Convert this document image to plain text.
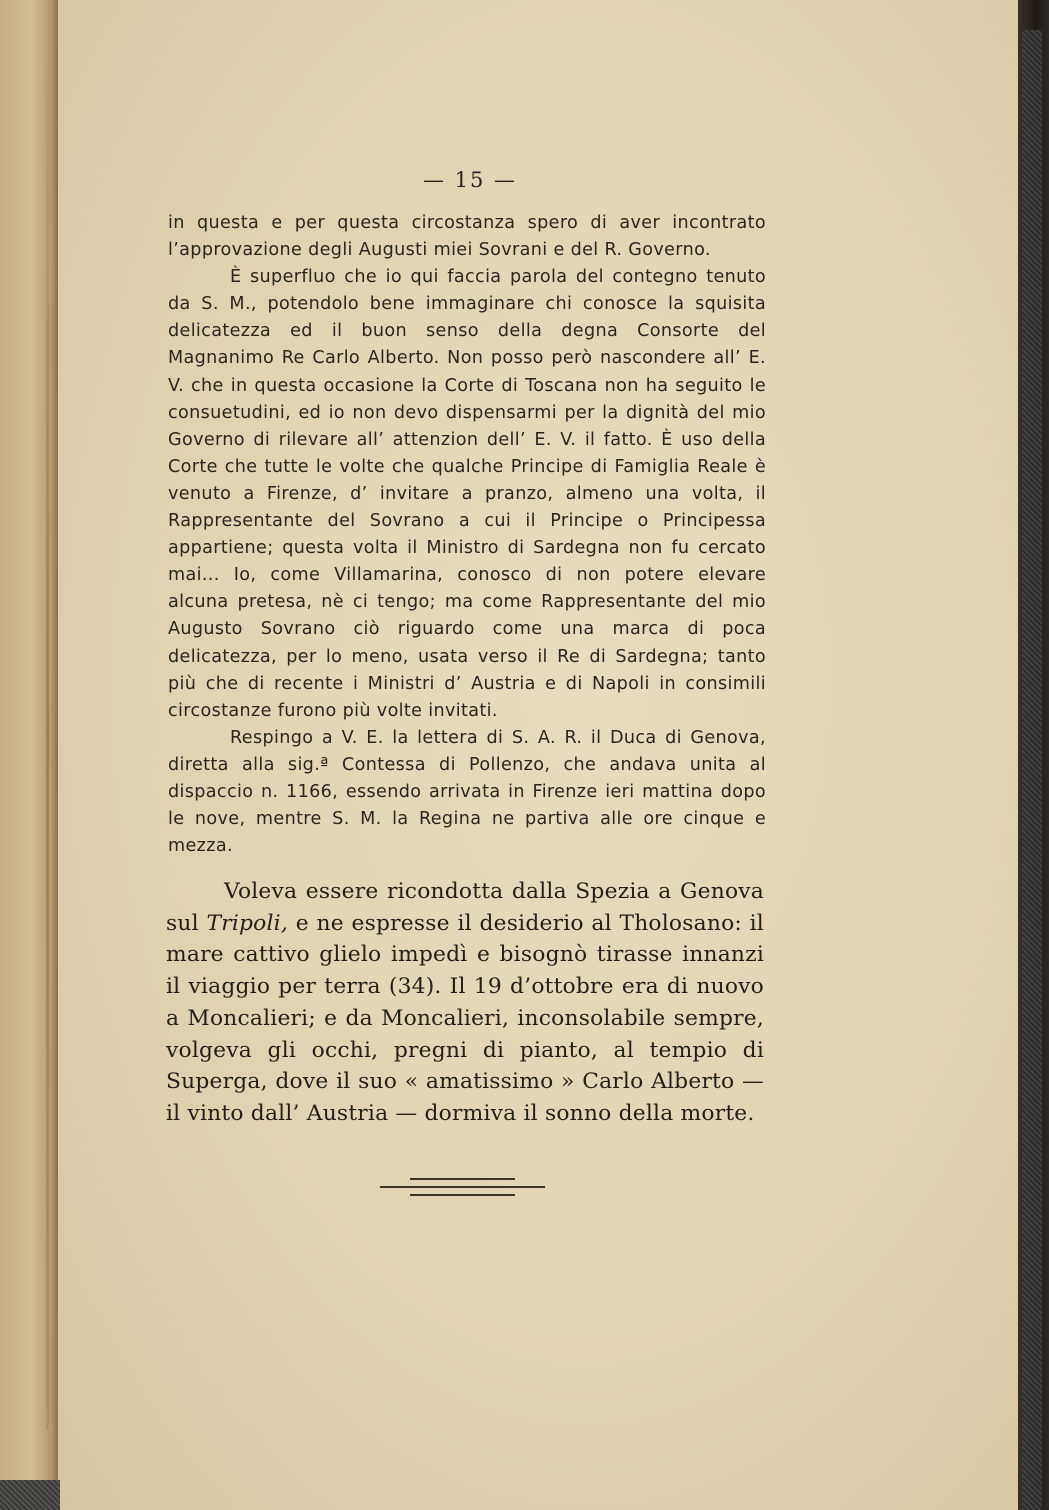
— 15 —

in questa e per questa circostanza spero di aver incontrato l’approvazione degli Augusti miei Sovrani e del R. Governo.

È superfluo che io qui faccia parola del contegno tenuto da S. M., potendolo bene immaginare chi conosce la squisita delicatezza ed il buon senso della degna Consorte del Magnanimo Re Carlo Alberto. Non posso però nascondere all’ E. V. che in questa occasione la Corte di Toscana non ha seguito le consuetudini, ed io non devo dispensarmi per la dignità del mio Governo di rilevare all’ attenzion dell’ E. V. il fatto. È uso della Corte che tutte le volte che qualche Principe di Famiglia Reale è venuto a Firenze, d’ invitare a pranzo, almeno una volta, il Rappresentante del Sovrano a cui il Principe o Principessa appartiene; questa volta il Ministro di Sardegna non fu cercato mai... Io, come Villamarina, conosco di non potere elevare alcuna pretesa, nè ci tengo; ma come Rappresentante del mio Augusto Sovrano ciò riguardo come una marca di poca delicatezza, per lo meno, usata verso il Re di Sardegna; tanto più che di recente i Ministri d’ Austria e di Napoli in consimili circostanze furono più volte invitati.

Respingo a V. E. la lettera di S. A. R. il Duca di Genova, diretta alla sig.ª Contessa di Pollenzo, che andava unita al dispaccio n. 1166, essendo arrivata in Firenze ieri mattina dopo le nove, mentre S. M. la Regina ne partiva alle ore cinque e mezza.

Voleva essere ricondotta dalla Spezia a Genova sul Tripoli, e ne espresse il desiderio al Tholosano: il mare cattivo glielo impedì e bisognò tirasse innanzi il viaggio per terra (34). Il 19 d’ottobre era di nuovo a Moncalieri; e da Moncalieri, inconsolabile sempre, volgeva gli occhi, pregni di pianto, al tempio di Superga, dove il suo « amatissimo » Carlo Alberto — il vinto dall’ Austria — dormiva il sonno della morte.
